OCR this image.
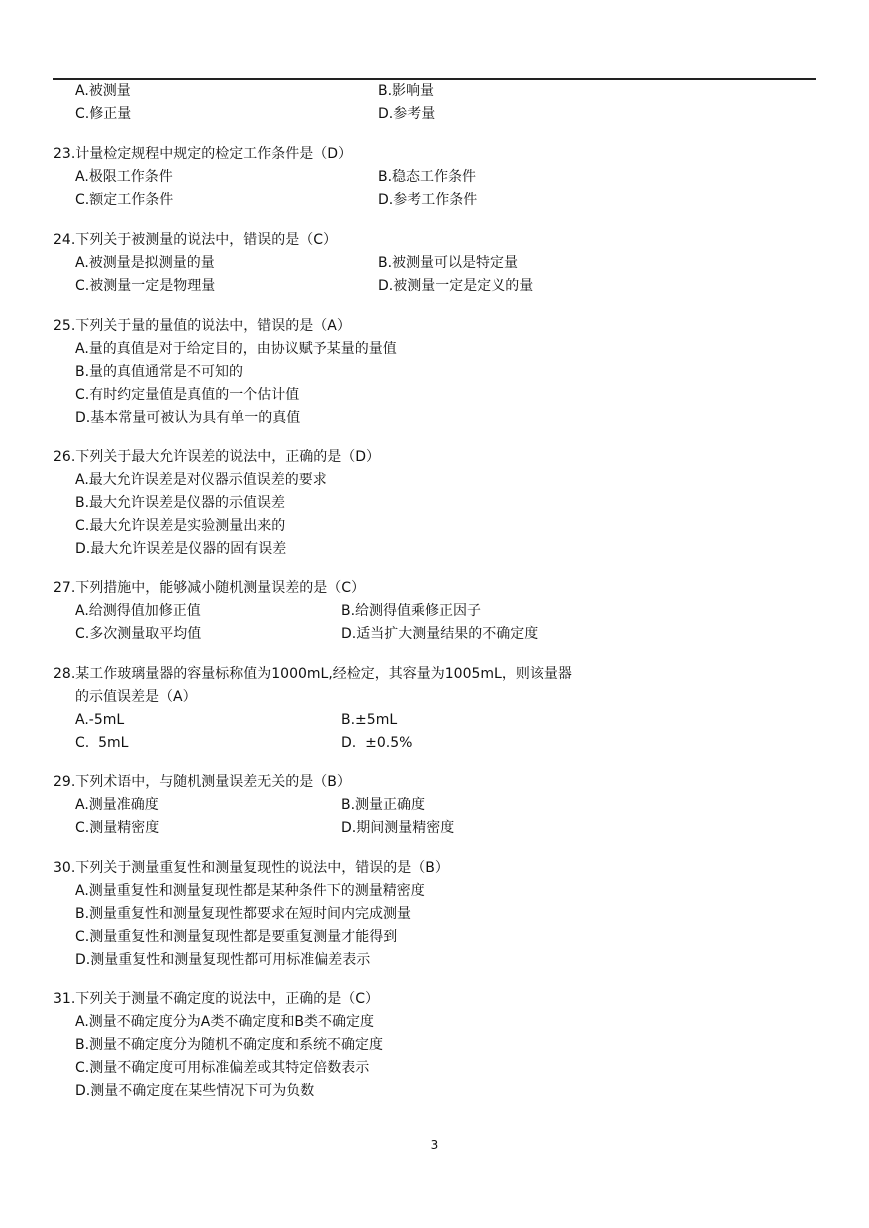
A.被测量	B.影响量
C.修正量	D.参考量
23.计量检定规程中规定的检定工作条件是（D）
A.极限工作条件	B.稳态工作条件
C.额定工作条件	D.参考工作条件
24.下列关于被测量的说法中，错误的是（C）
A.被测量是拟测量的量	B.被测量可以是特定量
C.被测量一定是物理量	D.被测量一定是定义的量
25.下列关于量的量值的说法中，错误的是（A）
A.量的真值是对于给定目的，由协议赋予某量的量值
B.量的真值通常是不可知的
C.有时约定量值是真值的一个估计值
D.基本常量可被认为具有单一的真值
26.下列关于最大允许误差的说法中，正确的是（D）
A.最大允许误差是对仪器示值误差的要求
B.最大允许误差是仪器的示值误差
C.最大允许误差是实验测量出来的
D.最大允许误差是仪器的固有误差
27.下列措施中，能够减小随机测量误差的是（C）
A.给测得值加修正值	B.给测得值乘修正因子
C.多次测量取平均值	D.适当扩大测量结果的不确定度
28.某工作玻璃量器的容量标称值为1000mL,经检定，其容量为1005mL，则该量器
的示值误差是（A）
A.-5mL	B.±5mL
C.  5mL	D.  ±0.5%
29.下列术语中，与随机测量误差无关的是（B）
A.测量准确度	B.测量正确度
C.测量精密度	D.期间测量精密度
30.下列关于测量重复性和测量复现性的说法中，错误的是（B）
A.测量重复性和测量复现性都是某种条件下的测量精密度
B.测量重复性和测量复现性都要求在短时间内完成测量
C.测量重复性和测量复现性都是要重复测量才能得到
D.测量重复性和测量复现性都可用标准偏差表示
31.下列关于测量不确定度的说法中，正确的是（C）
A.测量不确定度分为A类不确定度和B类不确定度
B.测量不确定度分为随机不确定度和系统不确定度
C.测量不确定度可用标准偏差或其特定倍数表示
D.测量不确定度在某些情况下可为负数
3
